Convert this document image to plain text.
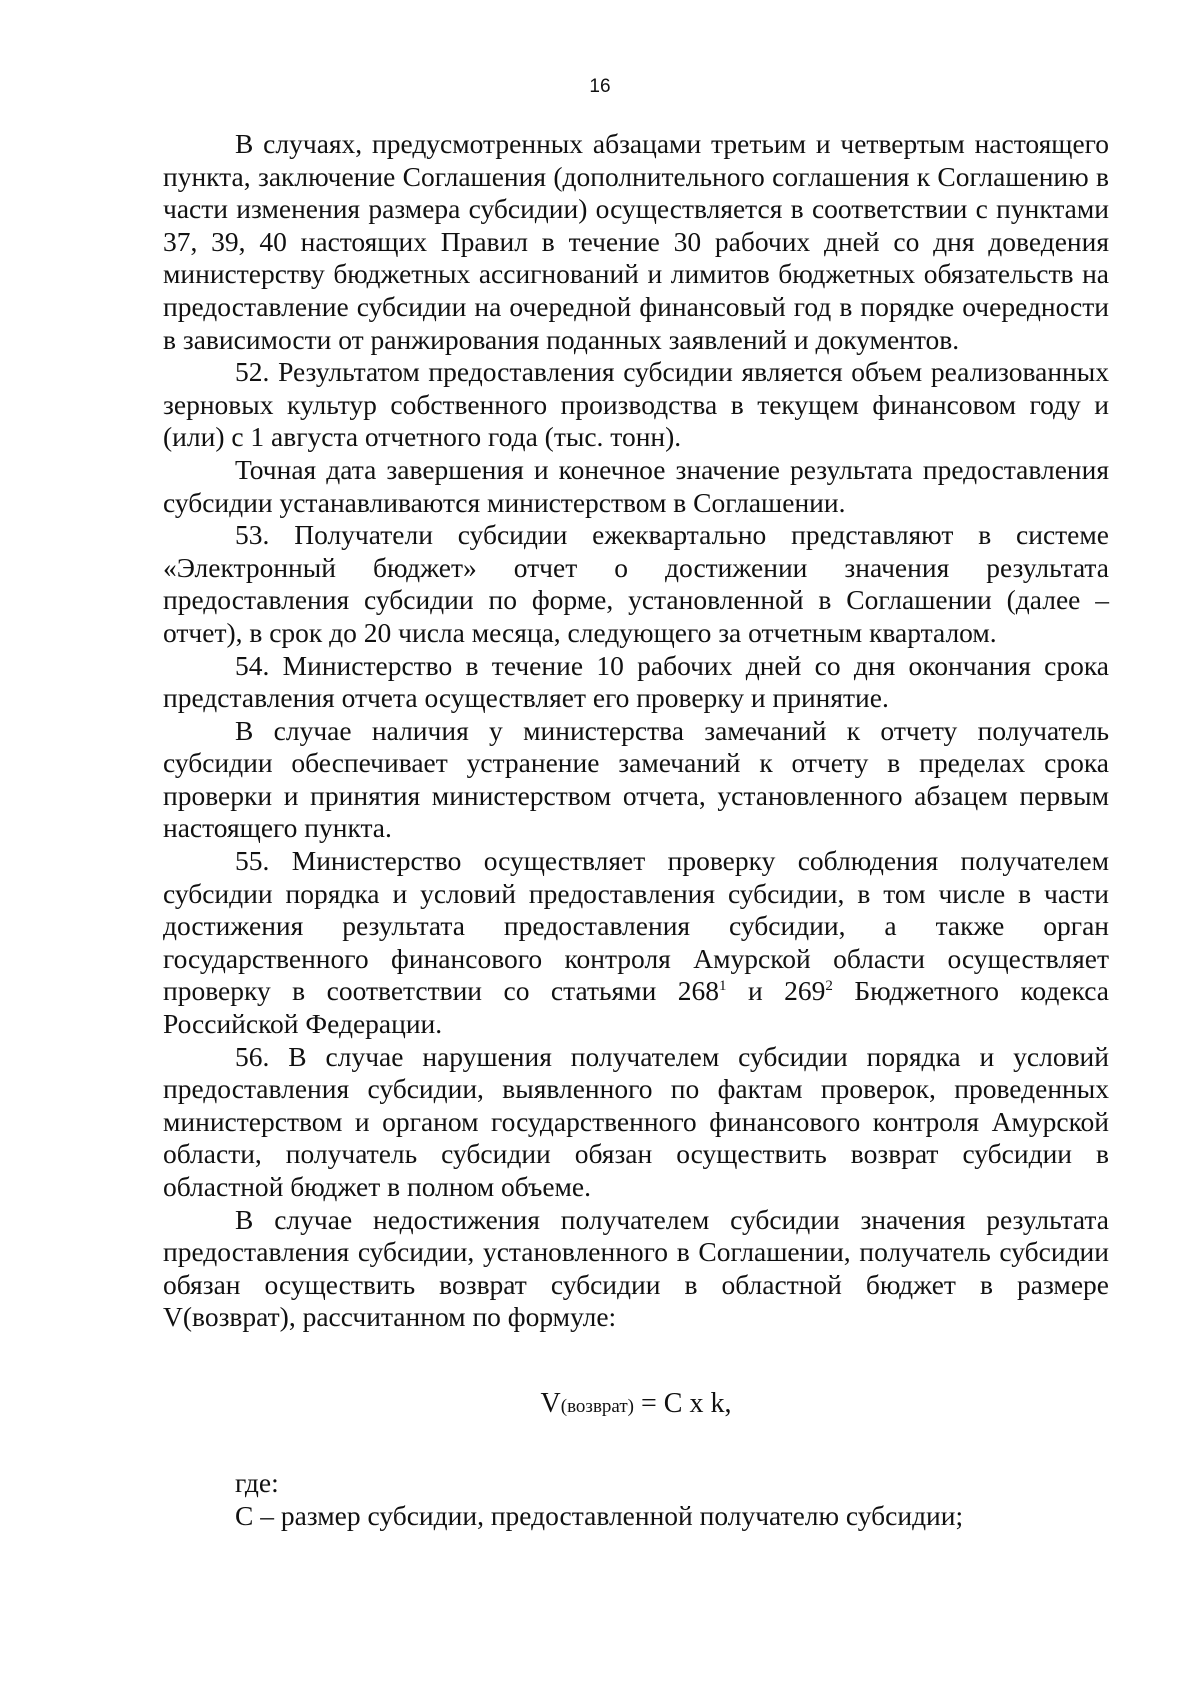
16

В случаях, предусмотренных абзацами третьим и четвертым настоящего пункта, заключение Соглашения (дополнительного соглашения к Соглашению в части изменения размера субсидии) осуществляется в соответствии с пунктами 37, 39, 40 настоящих Правил в течение 30 рабочих дней со дня доведения министерству бюджетных ассигнований и лимитов бюджетных обязательств на предоставление субсидии на очередной финансовый год в порядке очередности в зависимости от ранжирования поданных заявлений и документов.

52. Результатом предоставления субсидии является объем реализованных зерновых культур собственного производства в текущем финансовом году и (или) с 1 августа отчетного года (тыс. тонн).

Точная дата завершения и конечное значение результата предоставления субсидии устанавливаются министерством в Соглашении.

53. Получатели субсидии ежеквартально представляют в системе «Электронный бюджет» отчет о достижении значения результата предоставления субсидии по форме, установленной в Соглашении (далее – отчет), в срок до 20 числа месяца, следующего за отчетным кварталом.

54. Министерство в течение 10 рабочих дней со дня окончания срока представления отчета осуществляет его проверку и принятие.

В случае наличия у министерства замечаний к отчету получатель субсидии обеспечивает устранение замечаний к отчету в пределах срока проверки и принятия министерством отчета, установленного абзацем первым настоящего пункта.

55. Министерство осуществляет проверку соблюдения получателем субсидии порядка и условий предоставления субсидии, в том числе в части достижения результата предоставления субсидии, а также орган государственного финансового контроля Амурской области осуществляет проверку в соответствии со статьями $268^1$ и $269^2$ Бюджетного кодекса Российской Федерации.

56. В случае нарушения получателем субсидии порядка и условий предоставления субсидии, выявленного по фактам проверок, проведенных министерством и органом государственного финансового контроля Амурской области, получатель субсидии обязан осуществить возврат субсидии в областной бюджет в полном объеме.

В случае недостижения получателем субсидии значения результата предоставления субсидии, установленного в Соглашении, получатель субсидии обязан осуществить возврат субсидии в областной бюджет в размере V(возврат), рассчитанном по формуле:

V(возврат) = C x k,

где:

C – размер субсидии, предоставленной получателю субсидии;
